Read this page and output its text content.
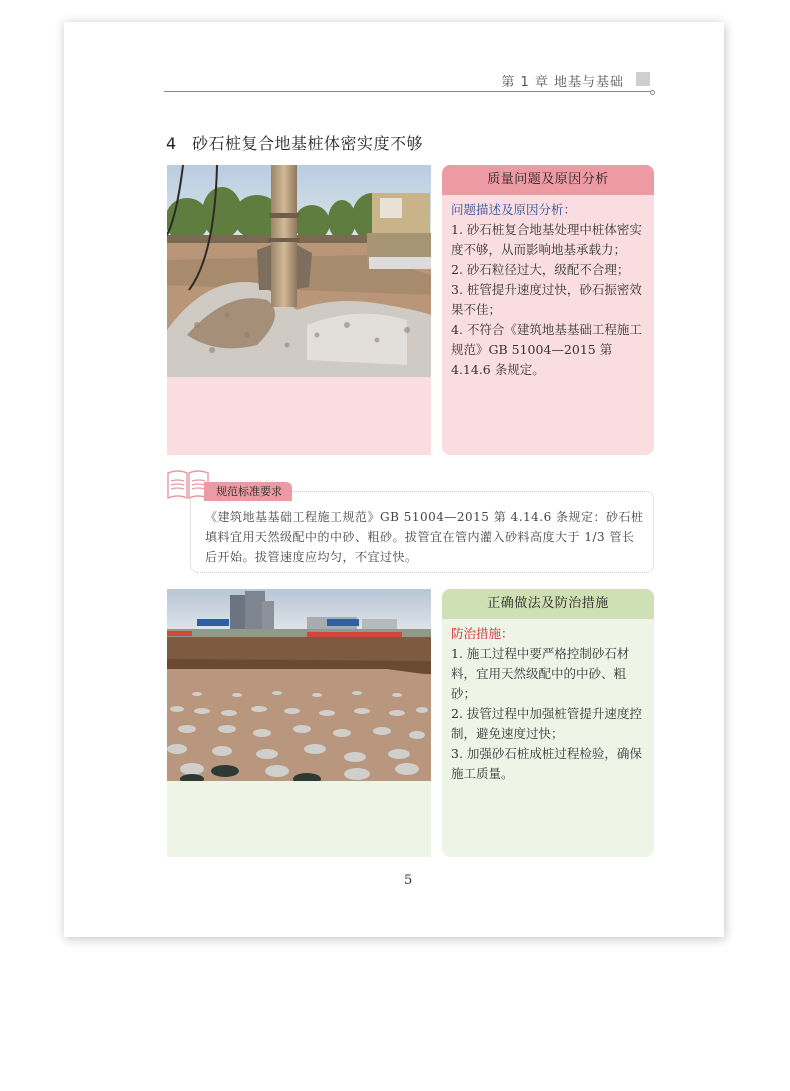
第 1 章 地基与基础
4 砂石桩复合地基桩体密实度不够
质量问题及原因分析
问题描述及原因分析：
1. 砂石桩复合地基处理中桩体密实度不够，从而影响地基承载力；
2. 砂石粒径过大，级配不合理；
3. 桩管提升速度过快，砂石振密效果不佳；
4. 不符合《建筑地基基础工程施工规范》GB 51004—2015 第 4.14.6 条规定。
《建筑地基基础工程施工规范》GB 51004—2015 第 4.14.6 条规定：砂石桩填料宜用天然级配中的中砂、粗砂。拔管宜在管内灌入砂料高度大于 1/3 管长后开始。拔管速度应均匀，不宜过快。
规范标准要求
正确做法及防治措施
防治措施：
1. 施工过程中要严格控制砂石材料，宜用天然级配中的中砂、粗砂；
2. 拔管过程中加强桩管提升速度控制，避免速度过快；
3. 加强砂石桩成桩过程检验，确保施工质量。
5
